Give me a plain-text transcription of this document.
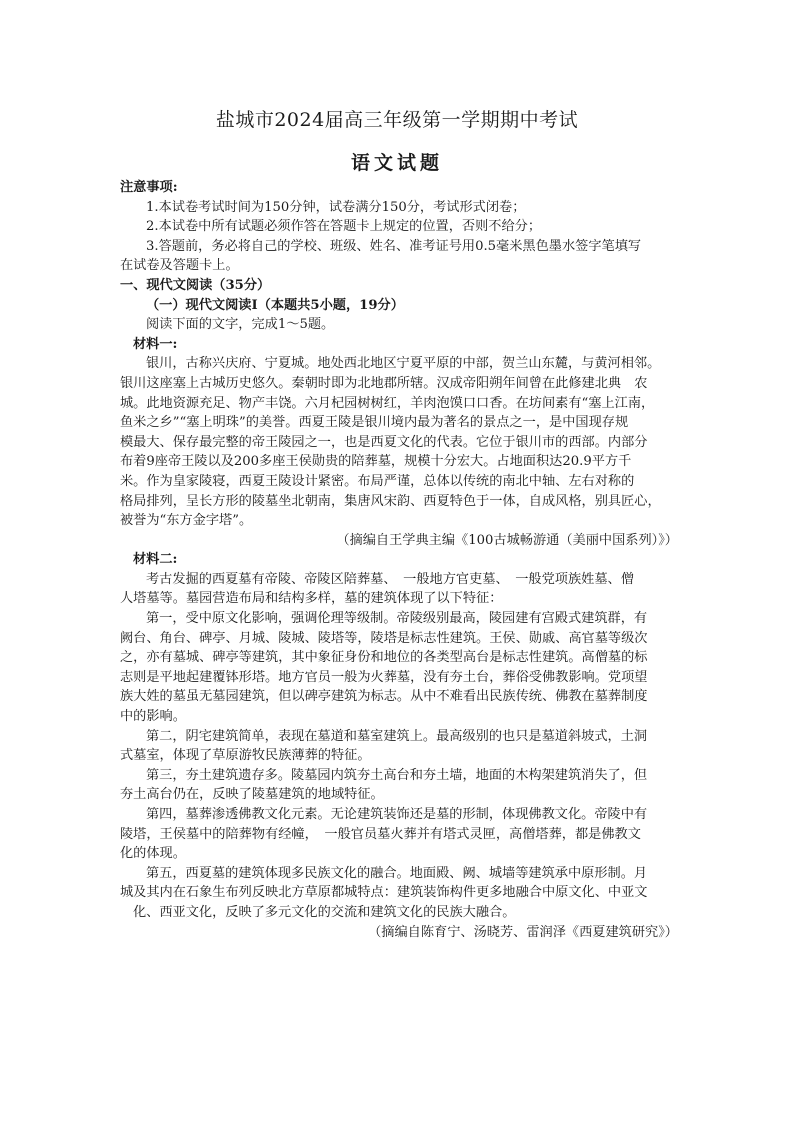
盐城市2024届高三年级第一学期期中考试
语文试题

注意事项:

1.本试卷考试时间为150分钟，试卷满分150分，考试形式闭卷；

2.本试卷中所有试题必须作答在答题卡上规定的位置，否则不给分；

3.答题前，务必将自己的学校、班级、姓名、准考证号用0.5毫米黑色墨水签字笔填写

在试卷及答题卡上。

一、现代文阅读（35分）

（一）现代文阅读Ⅰ（本题共5小题，19分）

阅读下面的文字，完成1～5题。

材料一:

银川，古称兴庆府、宁夏城。地处西北地区宁夏平原的中部，贺兰山东麓，与黄河相邻。

银川这座塞上古城历史悠久。秦朝时即为北地郡所辖。汉成帝阳朔年间曾在此修建北典　农

城。此地资源充足、物产丰饶。六月杞园树树红，羊肉泡馍口口香。在坊间素有“塞上江南，

鱼米之乡”“塞上明珠”的美誉。西夏王陵是银川境内最为著名的景点之一，是中国现存规

模最大、保存最完整的帝王陵园之一，也是西夏文化的代表。它位于银川市的西部。内部分

布着9座帝王陵以及200多座王侯勋贵的陪葬墓，规模十分宏大。占地面积达20.9平方千

米。作为皇家陵寝，西夏王陵设计紧密。布局严谨，总体以传统的南北中轴、左右对称的

格局排列，呈长方形的陵墓坐北朝南，集唐风宋韵、西夏特色于一体，自成风格，别具匠心，

被誉为“东方金字塔”。

（摘编自王学典主编《100古城畅游通（美丽中国系列）》）

材料二:

考古发掘的西夏墓有帝陵、帝陵区陪葬墓、　一般地方官吏墓、　一般党项族姓墓、僧

人塔墓等。墓园营造布局和结构多样，墓的建筑体现了以下特征：

第一，受中原文化影响，强调伦理等级制。帝陵级别最高，陵园建有宫殿式建筑群，有

阙台、角台、碑亭、月城、陵城、陵塔等，陵塔是标志性建筑。王侯、勋戚、高官墓等级次

之，亦有墓城、碑亭等建筑，其中象征身份和地位的各类型高台是标志性建筑。高僧墓的标

志则是平地起建覆钵形塔。地方官员一般为火葬墓，没有夯土台，葬俗受佛教影响。党项望

族大姓的墓虽无墓园建筑，但以碑亭建筑为标志。从中不难看出民族传统、佛教在墓葬制度

中的影响。

第二，阴宅建筑简单，表现在墓道和墓室建筑上。最高级别的也只是墓道斜坡式，土洞

式墓室，体现了草原游牧民族薄葬的特征。

第三，夯土建筑遗存多。陵墓园内筑夯土高台和夯土墙，地面的木构架建筑消失了，但

夯土高台仍在，反映了陵墓建筑的地域特征。

第四，墓葬渗透佛教文化元素。无论建筑装饰还是墓的形制，体现佛教文化。帝陵中有

陵塔，王侯墓中的陪葬物有经幢，　一般官员墓火葬并有塔式灵匣，高僧塔葬，都是佛教文

化的体现。

第五，西夏墓的建筑体现多民族文化的融合。地面殿、阙、城墙等建筑承中原形制。月

城及其内在石象生布列反映北方草原都城特点：建筑装饰构件更多地融合中原文化、中亚文

化、西亚文化，反映了多元文化的交流和建筑文化的民族大融合。

（摘编自陈育宁、汤晓芳、雷润泽《西夏建筑研究》）
